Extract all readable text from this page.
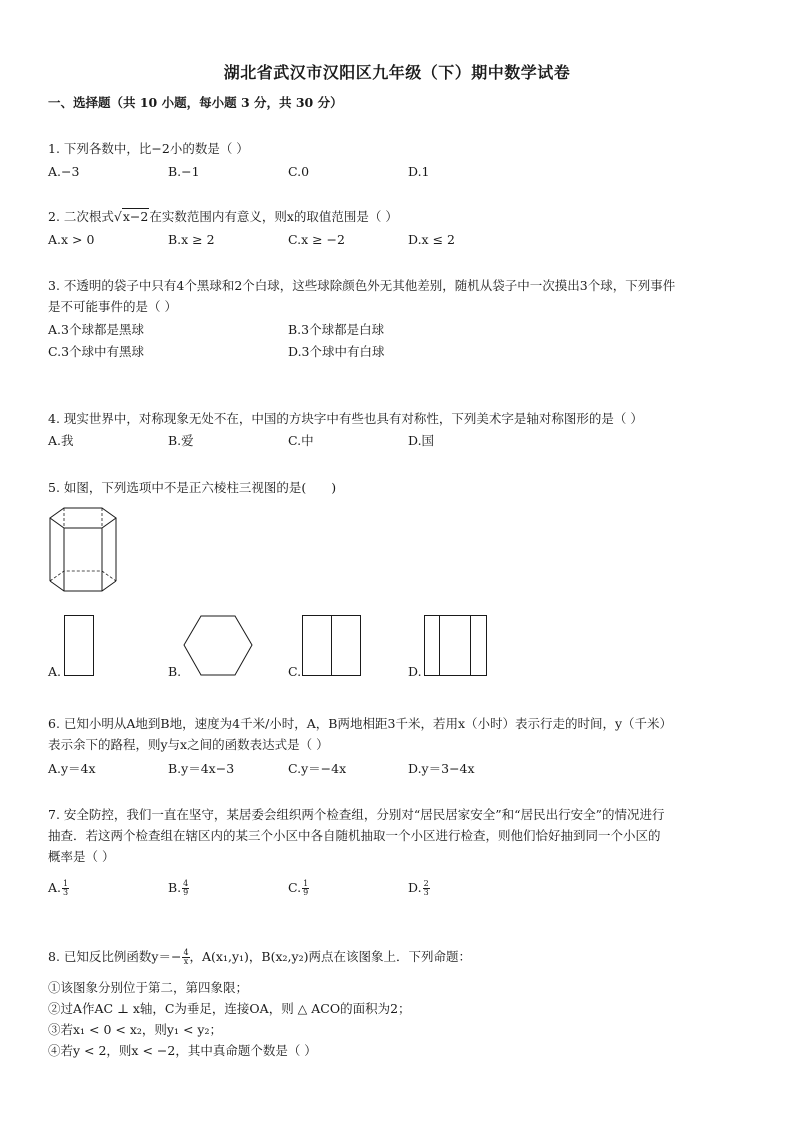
湖北省武汉市汉阳区九年级（下）期中数学试卷
一、选择题（共 10 小题，每小题 3 分，共 30 分）
1. 下列各数中，比−2小的数是（ ）
A.−3	B.−1	C.0	D.1
2. 二次根式√x−2在实数范围内有意义，则x的取值范围是（ ）
A.x > 0	B.x ≥ 2	C.x ≥ −2	D.x ≤ 2
3. 不透明的袋子中只有4个黑球和2个白球，这些球除颜色外无其他差别，随机从袋子中一次摸出3个球，下列事件
是不可能事件的是（ ）
A.3个球都是黑球	B.3个球都是白球
C.3个球中有黑球	D.3个球中有白球
4. 现实世界中，对称现象无处不在，中国的方块字中有些也具有对称性，下列美术字是轴对称图形的是（ ）
A.我	B.爱	C.中	D.国
5. 如图，下列选项中不是正六棱柱三视图的是(　　)
A.	B.	C.	D.
6. 已知小明从A地到B地，速度为4千米/小时，A，B两地相距3千米，若用x（小时）表示行走的时间，y（千米）
表示余下的路程，则y与x之间的函数表达式是（ ）
A.y＝4x	B.y＝4x−3	C.y＝−4x	D.y＝3−4x
7. 安全防控，我们一直在坚守，某居委会组织两个检查组，分别对“居民居家安全”和“居民出行安全”的情况进行
抽查．若这两个检查组在辖区内的某三个小区中各自随机抽取一个小区进行检查，则他们恰好抽到同一个小区的
概率是（ ）
A. $\frac{1}{3}$	B. $\frac{4}{9}$	C. $\frac{1}{9}$	D. $\frac{2}{3}$
8. 已知反比例函数$y=- \frac{4}{x}$ ，A(x₁,y₁)，B(x₂,y₂)两点在该图象上．下列命题：
①该图象分别位于第二，第四象限；
②过A作AC ⊥ x轴，C为垂足，连接OA，则 △ ACO的面积为2；
③若x₁ < 0 < x₂，则y₁ < y₂；
④若y < 2，则x < −2，其中真命题个数是（ ）
